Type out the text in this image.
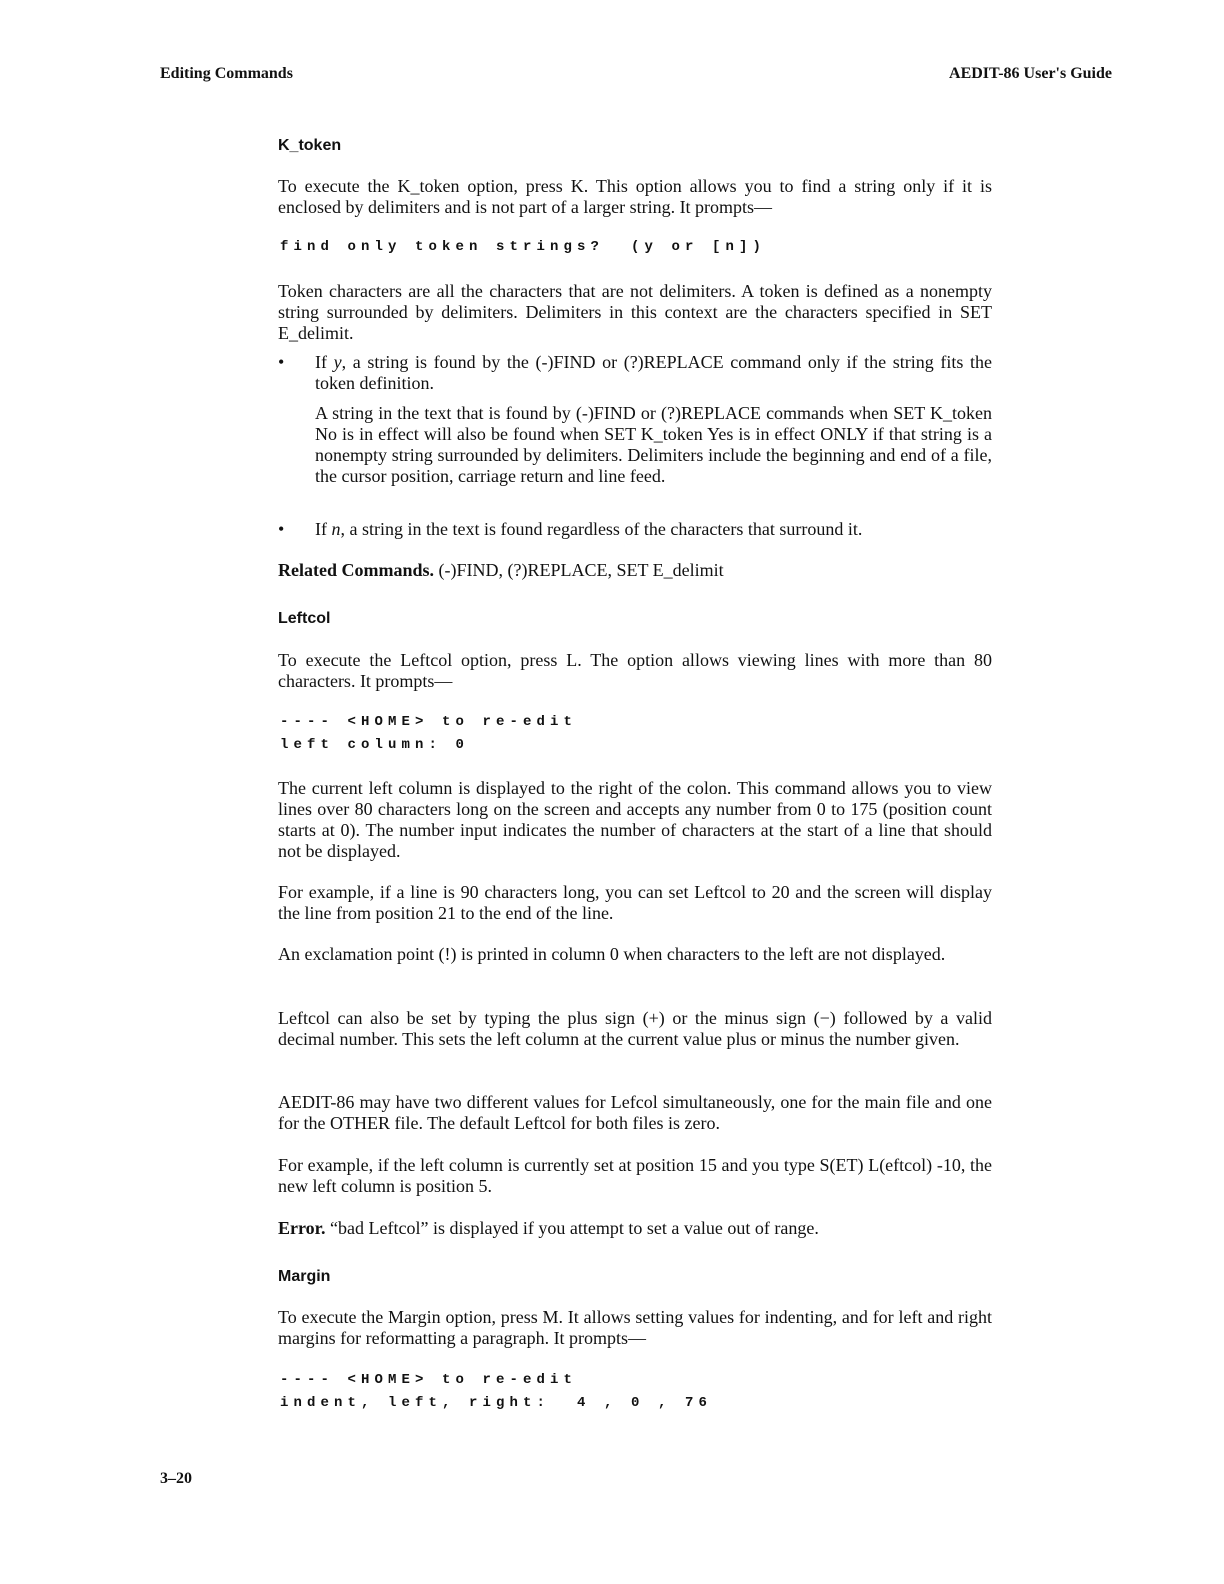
Editing Commands	AEDIT-86 User's Guide
K_token
To execute the K_token option, press K. This option allows you to find a string only if it is enclosed by delimiters and is not part of a larger string. It prompts—
find only token strings?  (y or [n])
Token characters are all the characters that are not delimiters. A token is defined as a nonempty string surrounded by delimiters. Delimiters in this context are the characters specified in SET E_delimit.
• If y, a string is found by the (-)FIND or (?)REPLACE command only if the string fits the token definition.
A string in the text that is found by (-)FIND or (?)REPLACE commands when SET K_token No is in effect will also be found when SET K_token Yes is in effect ONLY if that string is a nonempty string surrounded by delimiters. Delimiters include the beginning and end of a file, the cursor position, carriage return and line feed.
• If n, a string in the text is found regardless of the characters that surround it.
Related Commands. (-)FIND, (?)REPLACE, SET E_delimit
Leftcol
To execute the Leftcol option, press L. The option allows viewing lines with more than 80 characters. It prompts—
---- <HOME> to re-edit
left column: 0
The current left column is displayed to the right of the colon. This command allows you to view lines over 80 characters long on the screen and accepts any number from 0 to 175 (position count starts at 0). The number input indicates the number of characters at the start of a line that should not be displayed.
For example, if a line is 90 characters long, you can set Leftcol to 20 and the screen will display the line from position 21 to the end of the line.
An exclamation point (!) is printed in column 0 when characters to the left are not displayed.
Leftcol can also be set by typing the plus sign (+) or the minus sign (−) followed by a valid decimal number. This sets the left column at the current value plus or minus the number given.
AEDIT-86 may have two different values for Lefcol simultaneously, one for the main file and one for the OTHER file. The default Leftcol for both files is zero.
For example, if the left column is currently set at position 15 and you type S(ET) L(eftcol) -10, the new left column is position 5.
Error. “bad Leftcol” is displayed if you attempt to set a value out of range.
Margin
To execute the Margin option, press M. It allows setting values for indenting, and for left and right margins for reformatting a paragraph. It prompts—
---- <HOME> to re-edit
indent, left, right:  4 , 0 , 76
3–20
